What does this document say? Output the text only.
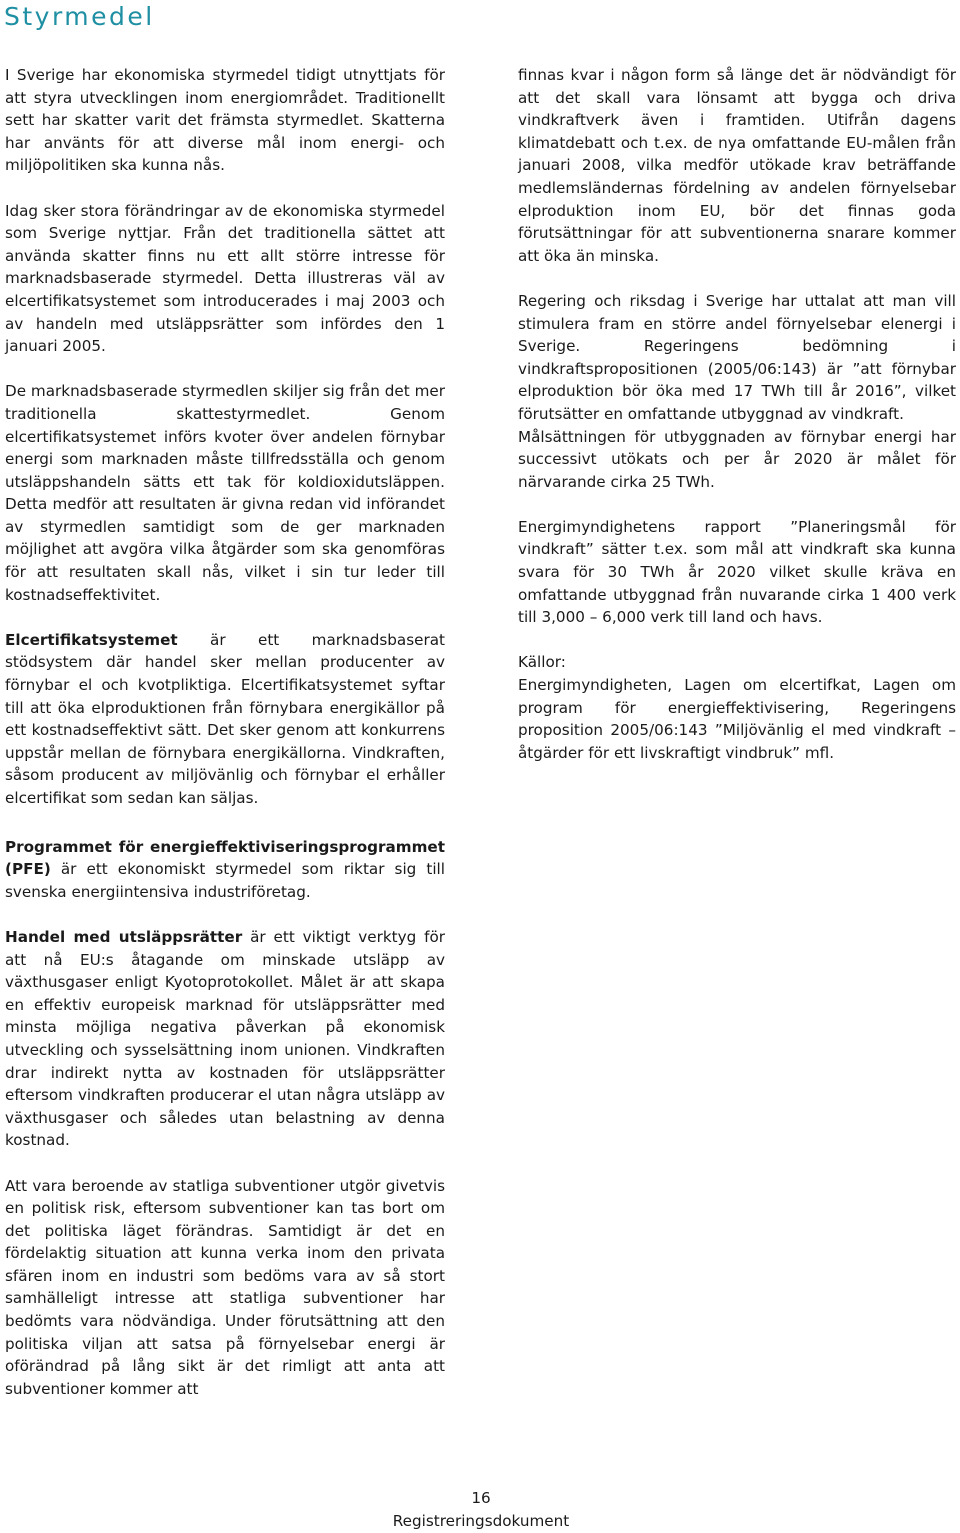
Styrmedel

I Sverige har ekonomiska styrmedel tidigt utnyttjats för att styra utvecklingen inom energiområdet. Traditionellt sett har skatter varit det främsta styrmedlet. Skatterna har använts för att diverse mål inom energi- och miljöpolitiken ska kunna nås.

Idag sker stora förändringar av de ekonomiska styrmedel som Sverige nyttjar. Från det traditionella sättet att använda skatter finns nu ett allt större intresse för marknadsbaserade styrmedel. Detta illustreras väl av elcertifikatsystemet som introducerades i maj 2003 och av handeln med utsläppsrätter som infördes den 1 januari 2005.

De marknadsbaserade styrmedlen skiljer sig från det mer traditionella skattestyrmedlet. Genom elcertifikatsystemet införs kvoter över andelen förnybar energi som marknaden måste tillfredsställa och genom utsläppshandeln sätts ett tak för koldioxidutsläppen. Detta medför att resultaten är givna redan vid införandet av styrmedlen samtidigt som de ger marknaden möjlighet att avgöra vilka åtgärder som ska genomföras för att resultaten skall nås, vilket i sin tur leder till kostnadseffektivitet.

Elcertifikatsystemet är ett marknadsbaserat stödsystem där handel sker mellan producenter av förnybar el och kvotpliktiga. Elcertifikatsystemet syftar till att öka elproduktionen från förnybara energikällor på ett kostnadseffektivt sätt. Det sker genom att konkurrens uppstår mellan de förnybara energikällorna. Vindkraften, såsom producent av miljövänlig och förnybar el erhåller elcertifikat som sedan kan säljas.

Programmet för energieffektiviseringsprogrammet (PFE) är ett ekonomiskt styrmedel som riktar sig till svenska energiintensiva industriföretag.

Handel med utsläppsrätter är ett viktigt verktyg för att nå EU:s åtagande om minskade utsläpp av växthusgaser enligt Kyotoprotokollet. Målet är att skapa en effektiv europeisk marknad för utsläppsrätter med minsta möjliga negativa påverkan på ekonomisk utveckling och sysselsättning inom unionen. Vindkraften drar indirekt nytta av kostnaden för utsläppsrätter eftersom vindkraften producerar el utan några utsläpp av växthusgaser och således utan belastning av denna kostnad.

Att vara beroende av statliga subventioner utgör givetvis en politisk risk, eftersom subventioner kan tas bort om det politiska läget förändras. Samtidigt är det en fördelaktig situation att kunna verka inom den privata sfären inom en industri som bedöms vara av så stort samhälleligt intresse att statliga subventioner har bedömts vara nödvändiga. Under förutsättning att den politiska viljan att satsa på förnyelsebar energi är oförändrad på lång sikt är det rimligt att anta att subventioner kommer att

finnas kvar i någon form så länge det är nödvändigt för att det skall vara lönsamt att bygga och driva vindkraftverk även i framtiden. Utifrån dagens klimatdebatt och t.ex. de nya omfattande EU-målen från januari 2008, vilka medför utökade krav beträffande medlemsländernas fördelning av andelen förnyelsebar elproduktion inom EU, bör det finnas goda förutsättningar för att subventionerna snarare kommer att öka än minska.

Regering och riksdag i Sverige har uttalat att man vill stimulera fram en större andel förnyelsebar elenergi i Sverige. Regeringens bedömning i vindkraftspropositionen (2005/06:143) är ”att förnybar elproduktion bör öka med 17 TWh till år 2016”, vilket förutsätter en omfattande utbyggnad av vindkraft.

Målsättningen för utbyggnaden av förnybar energi har successivt utökats och per år 2020 är målet för närvarande cirka 25 TWh.

Energimyndighetens rapport ”Planeringsmål för vindkraft” sätter t.ex. som mål att vindkraft ska kunna svara för 30 TWh år 2020 vilket skulle kräva en omfattande utbyggnad från nuvarande cirka 1 400 verk till 3,000 – 6,000 verk till land och havs.

Källor:

Energimyndigheten, Lagen om elcertifkat, Lagen om program för energieffektivisering, Regeringens proposition 2005/06:143 ”Miljövänlig el med vindkraft – åtgärder för ett livskraftigt vindbruk” mfl.

16
Registreringsdokument
